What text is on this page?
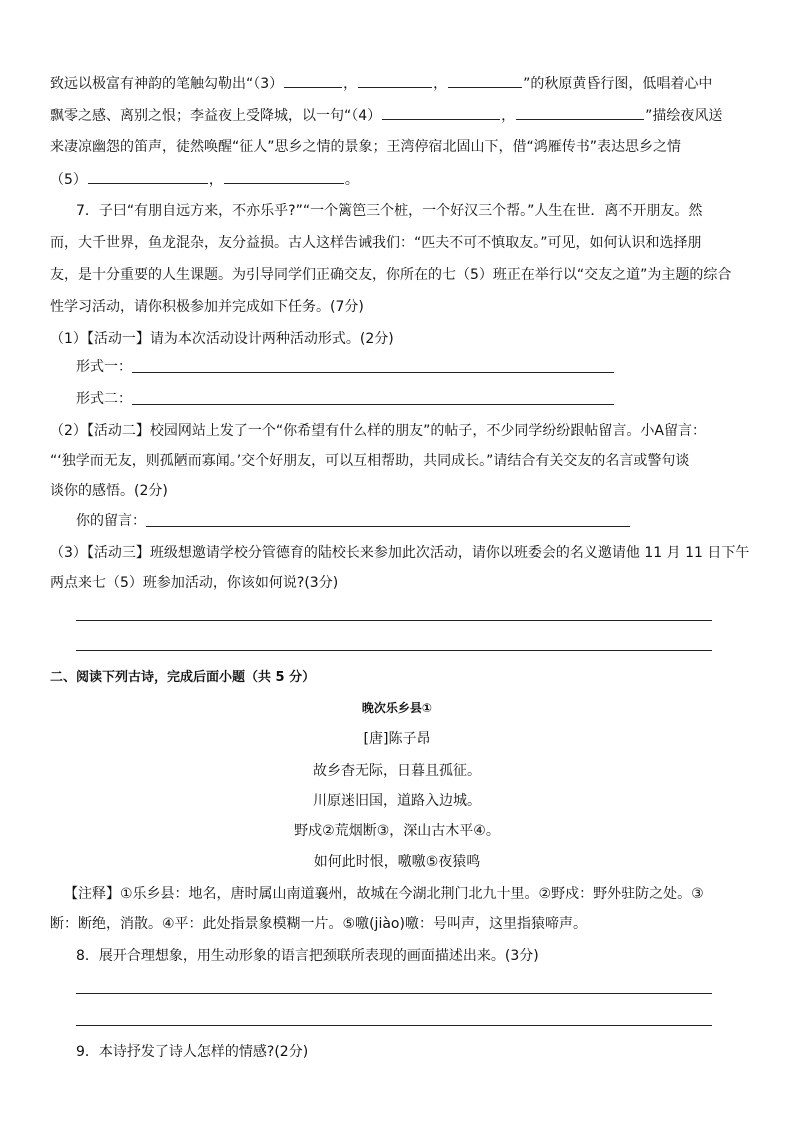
致远以极富有神韵的笔触勾勒出“（3）	，	，	”的秋原黄昏行图，低唱着心中
飘零之感、离别之恨；李益夜上受降城，以一句“（4）	，	”描绘夜风送
来凄凉幽怨的笛声，徒然唤醒“征人”思乡之情的景象；王湾停宿北固山下，借“鸿雁传书”表达思乡之情
（5）	，	。
7．子曰“有朋自远方来，不亦乐乎?”“一个篱笆三个桩，一个好汉三个帮。”人生在世．离不开朋友。然
而，大千世界，鱼龙混杂，友分益损。古人这样告诫我们：“匹夫不可不慎取友。”可见，如何认识和选择朋
友，是十分重要的人生课题。为引导同学们正确交友，你所在的七（5）班正在举行以“交友之道”为主题的综合
性学习活动，请你积极参加并完成如下任务。(7分)
（1）【活动一】请为本次活动设计两种活动形式。(2分)
形式一：
形式二：
（2）【活动二】校园网站上发了一个“你希望有什么样的朋友”的帖子，不少同学纷纷跟帖留言。小A留言：
“‘独学而无友，则孤陋而寡闻。’交个好朋友，可以互相帮助，共同成长。”请结合有关交友的名言或警句谈
谈你的感悟。(2分)
你的留言：
（3）【活动三】班级想邀请学校分管德育的陆校长来参加此次活动，请你以班委会的名义邀请他 11 月 11 日下午
两点来七（5）班参加活动，你该如何说?(3分)
二、阅读下列古诗，完成后面小题（共 5 分）
晚次乐乡县①
[唐]陈子昂
故乡杳无际，日暮且孤征。
川原迷旧国，道路入边城。
野戍②荒烟断③，深山古木平④。
如何此时恨，噭噭⑤夜猿鸣
【注释】①乐乡县：地名，唐时属山南道襄州，故城在今湖北荆门北九十里。②野戍：野外驻防之处。③
断：断绝，消散。④平：此处指景象模糊一片。⑤噭(jiào)噭：号叫声，这里指猿啼声。
8．展开合理想象，用生动形象的语言把颈联所表现的画面描述出来。(3分)
9．本诗抒发了诗人怎样的情感?(2分)
